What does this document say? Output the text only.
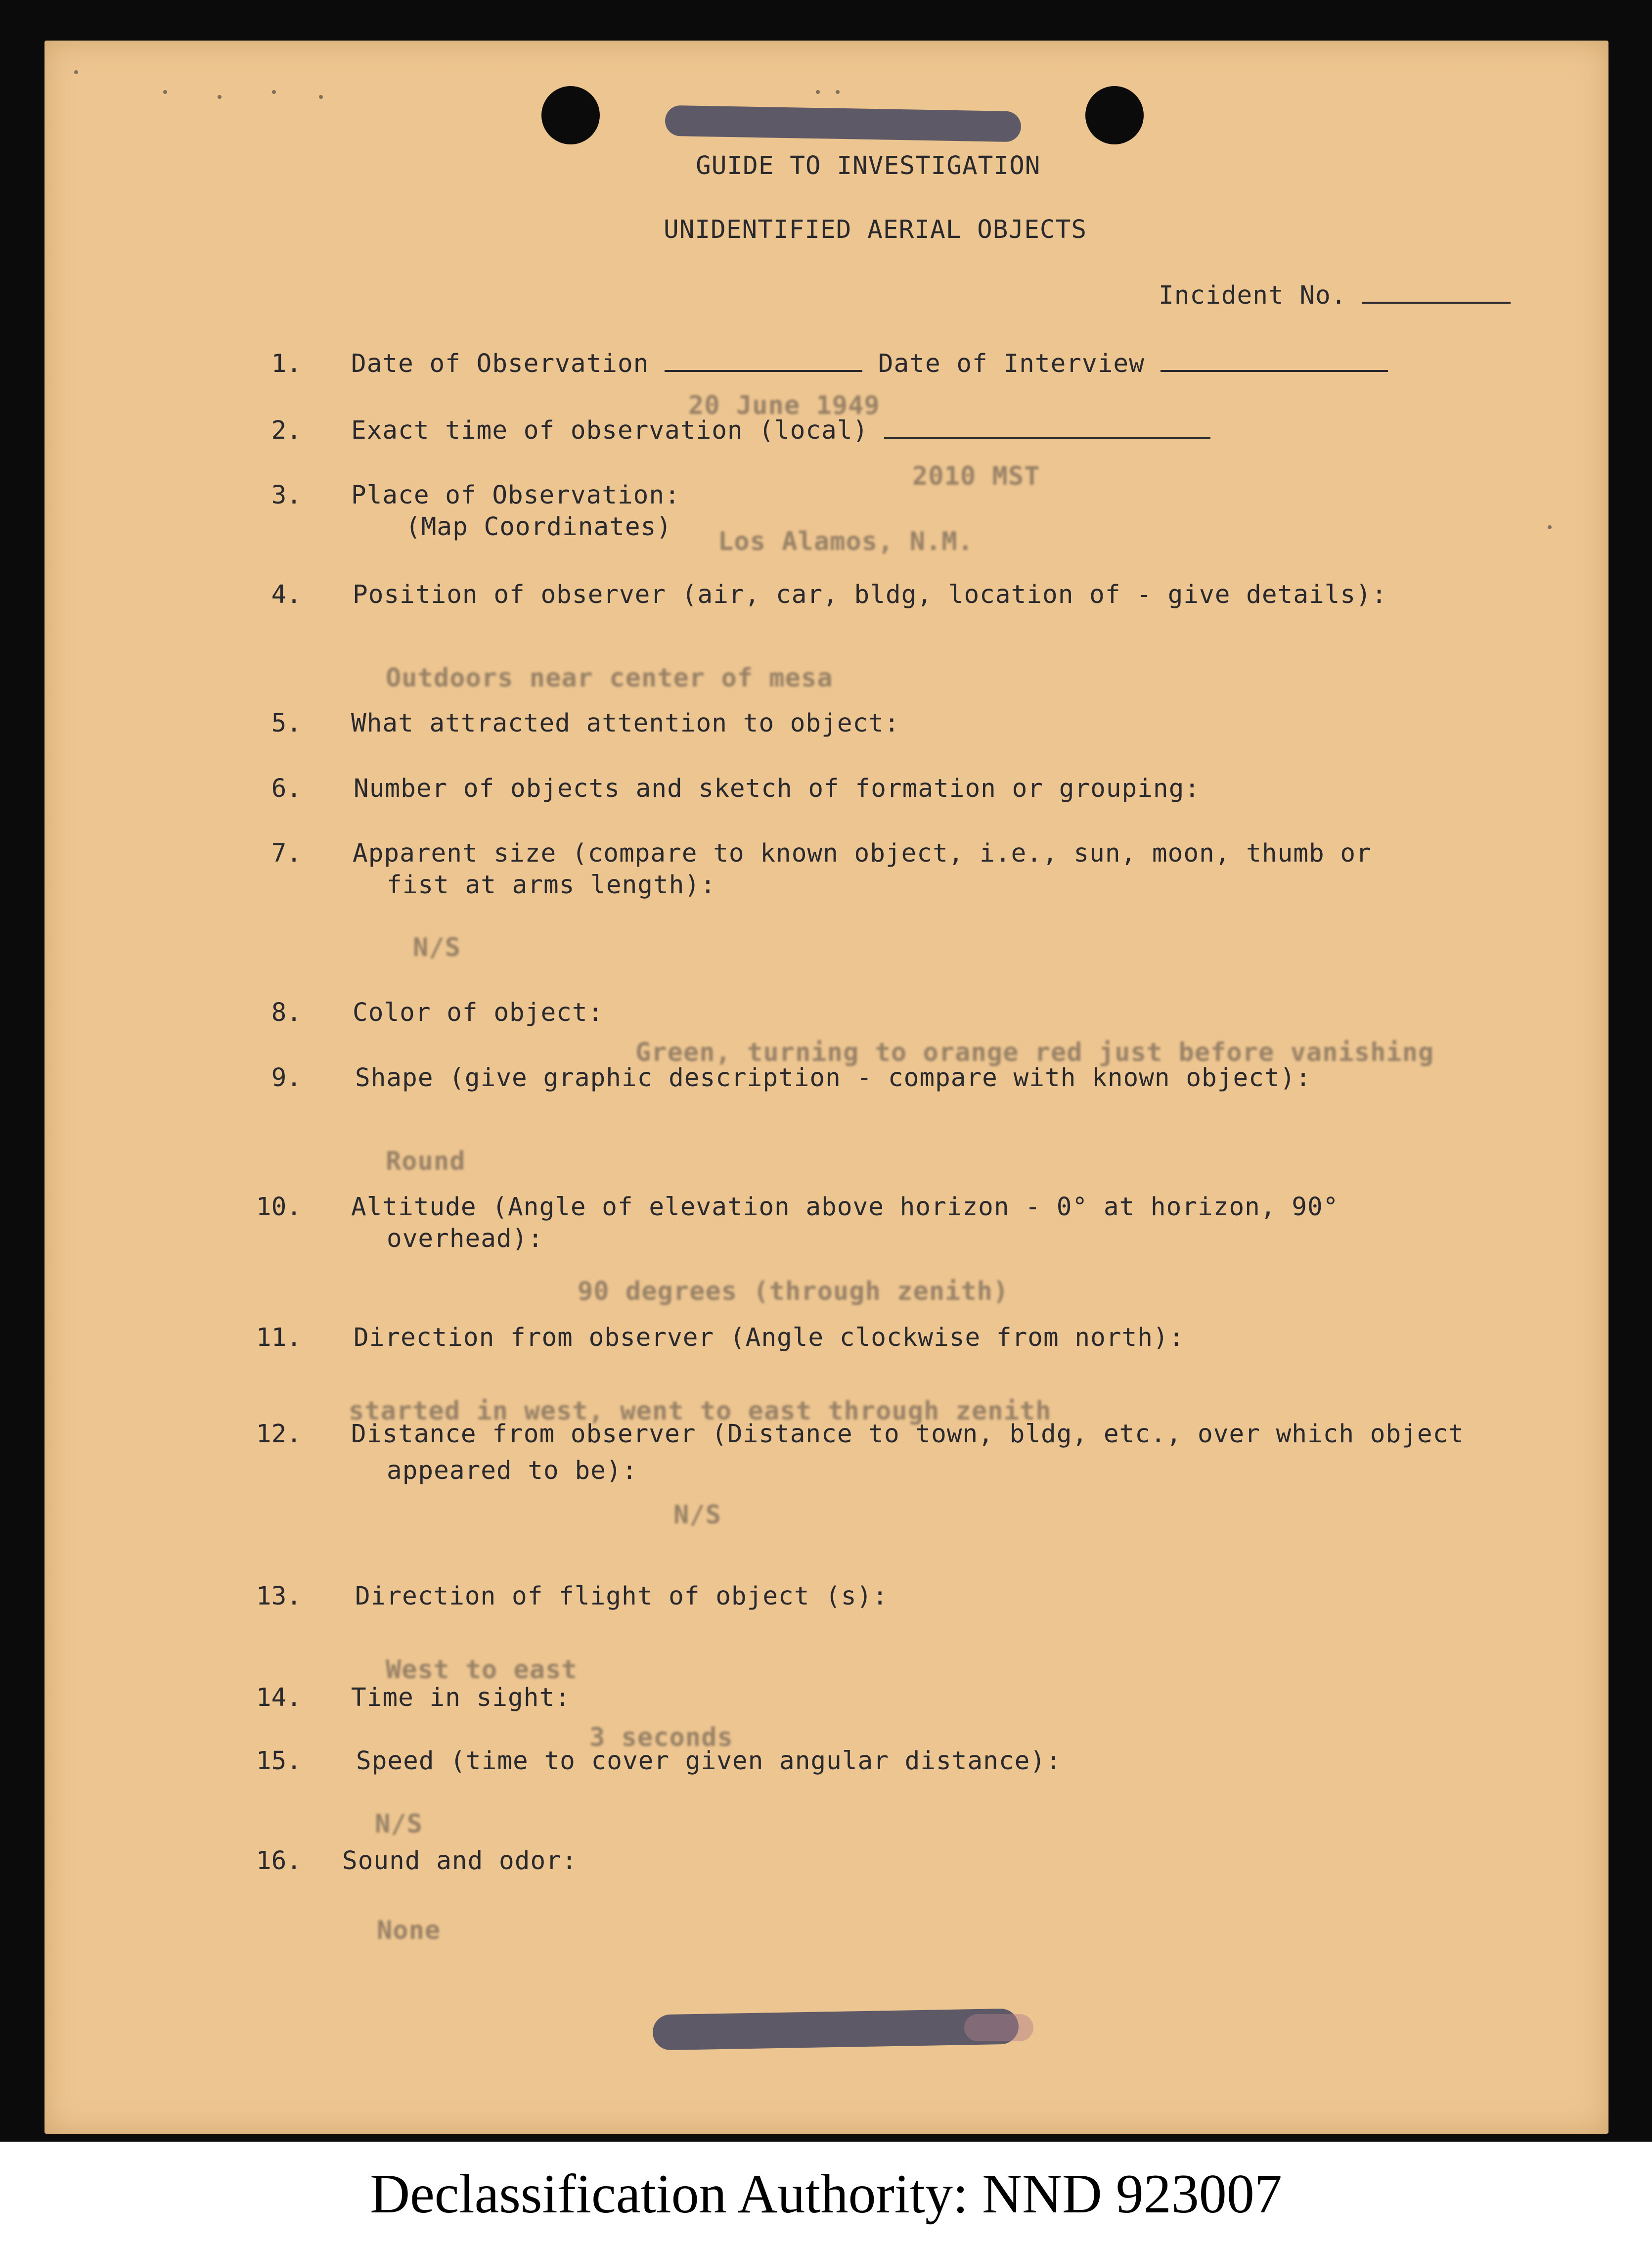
GUIDE TO INVESTIGATION
UNIDENTIFIED AERIAL OBJECTS
Incident No.
1. Date of Observation	Date of Interview
20 June 1949
2. Exact time of observation (local)
2010 MST
3. Place of Observation:
(Map Coordinates) Los Alamos, N.M.
4. Position of observer (air, car, bldg, location of - give details):
Outdoors near center of mesa
5. What attracted attention to object:
6. Number of objects and sketch of formation or grouping:
7. Apparent size (compare to known object, i.e., sun, moon, thumb or
fist at arms length):
N/S
8. Color of object:
Green, turning to orange red just before vanishing
9. Shape (give graphic description - compare with known object):
Round
10. Altitude (Angle of elevation above horizon - 0° at horizon, 90°
overhead):
90 degrees (through zenith)
11. Direction from observer (Angle clockwise from north):
started in west, went to east through zenith
12. Distance from observer (Distance to town, bldg, etc., over which object
appeared to be):
N/S
13. Direction of flight of object (s):
West to east
14. Time in sight:
3 seconds
15. Speed (time to cover given angular distance):
N/S
16. Sound and odor:
None
Declassification Authority: NND 923007
